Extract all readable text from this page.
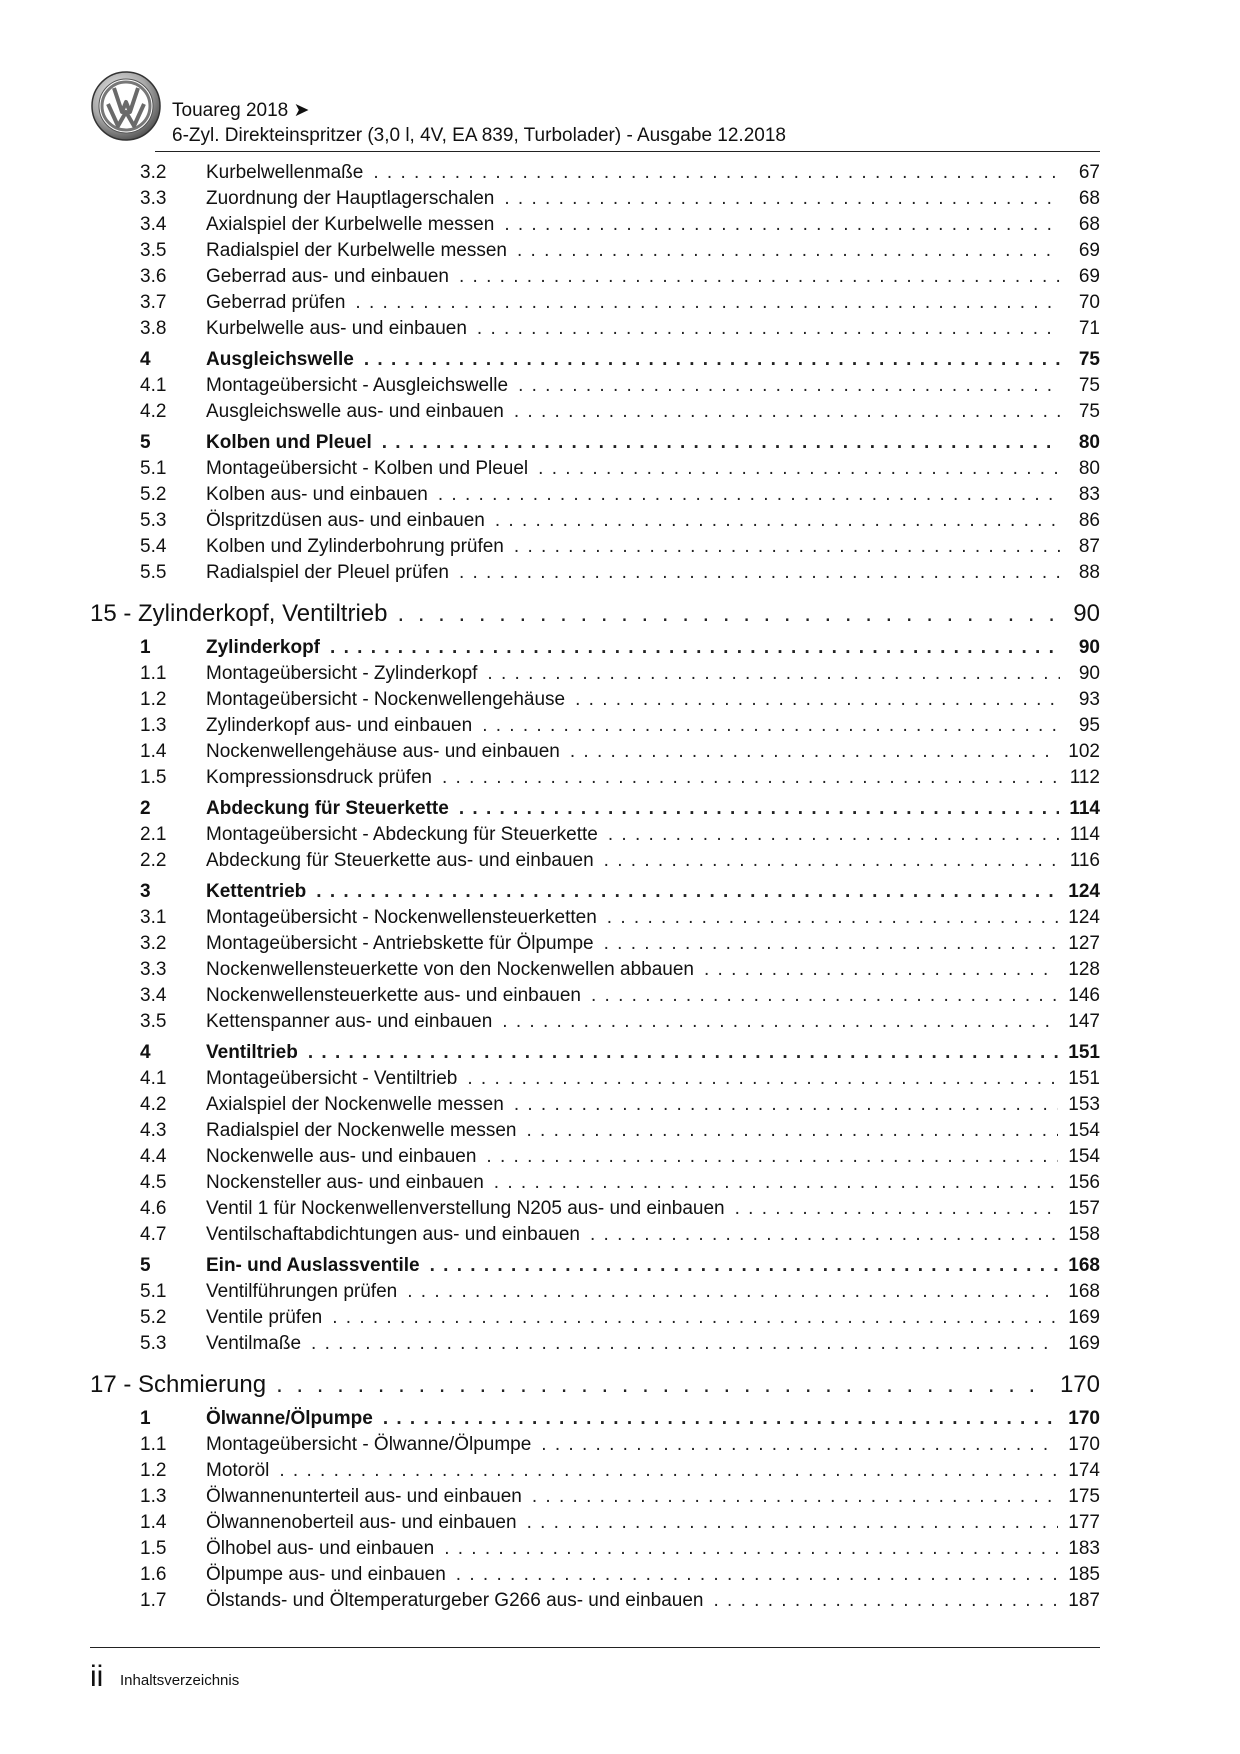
Touareg 2018 ➤
6-Zyl. Direkteinspritzer (3,0 l, 4V, EA 839, Turbolader) - Ausgabe 12.2018
3.2	Kurbelwellenmaße . . .	67
3.3	Zuordnung der Hauptlagerschalen . . .	68
3.4	Axialspiel der Kurbelwelle messen . . .	68
3.5	Radialspiel der Kurbelwelle messen . . .	69
3.6	Geberrad aus- und einbauen . . .	69
3.7	Geberrad prüfen . . .	70
3.8	Kurbelwelle aus- und einbauen . . .	71
4	Ausgleichswelle . . .	75
4.1	Montageübersicht - Ausgleichswelle . . .	75
4.2	Ausgleichswelle aus- und einbauen . . .	75
5	Kolben und Pleuel . . .	80
5.1	Montageübersicht - Kolben und Pleuel . . .	80
5.2	Kolben aus- und einbauen . . .	83
5.3	Ölspritzdüsen aus- und einbauen . . .	86
5.4	Kolben und Zylinderbohrung prüfen . . .	87
5.5	Radialspiel der Pleuel prüfen . . .	88
15 - Zylinderkopf, Ventiltrieb . . .	90
1	Zylinderkopf . . .	90
1.1	Montageübersicht - Zylinderkopf . . .	90
1.2	Montageübersicht - Nockenwellengehäuse . . .	93
1.3	Zylinderkopf aus- und einbauen . . .	95
1.4	Nockenwellengehäuse aus- und einbauen . . .	102
1.5	Kompressionsdruck prüfen . . .	112
2	Abdeckung für Steuerkette . . .	114
2.1	Montageübersicht - Abdeckung für Steuerkette . . .	114
2.2	Abdeckung für Steuerkette aus- und einbauen . . .	116
3	Kettentrieb . . .	124
3.1	Montageübersicht - Nockenwellensteuerketten . . .	124
3.2	Montageübersicht - Antriebskette für Ölpumpe . . .	127
3.3	Nockenwellensteuerkette von den Nockenwellen abbauen . . .	128
3.4	Nockenwellensteuerkette aus- und einbauen . . .	146
3.5	Kettenspanner aus- und einbauen . . .	147
4	Ventiltrieb . . .	151
4.1	Montageübersicht - Ventiltrieb . . .	151
4.2	Axialspiel der Nockenwelle messen . . .	153
4.3	Radialspiel der Nockenwelle messen . . .	154
4.4	Nockenwelle aus- und einbauen . . .	154
4.5	Nockensteller aus- und einbauen . . .	156
4.6	Ventil 1 für Nockenwellenverstellung N205 aus- und einbauen . . .	157
4.7	Ventilschaftabdichtungen aus- und einbauen . . .	158
5	Ein- und Auslassventile . . .	168
5.1	Ventilführungen prüfen . . .	168
5.2	Ventile prüfen . . .	169
5.3	Ventilmaße . . .	169
17 - Schmierung . . .	170
1	Ölwanne/Ölpumpe . . .	170
1.1	Montageübersicht - Ölwanne/Ölpumpe . . .	170
1.2	Motoröl . . .	174
1.3	Ölwannenunterteil aus- und einbauen . . .	175
1.4	Ölwannenoberteil aus- und einbauen . . .	177
1.5	Ölhobel aus- und einbauen . . .	183
1.6	Ölpumpe aus- und einbauen . . .	185
1.7	Ölstands- und Öltemperaturgeber G266 aus- und einbauen . . .	187
ii Inhaltsverzeichnis
